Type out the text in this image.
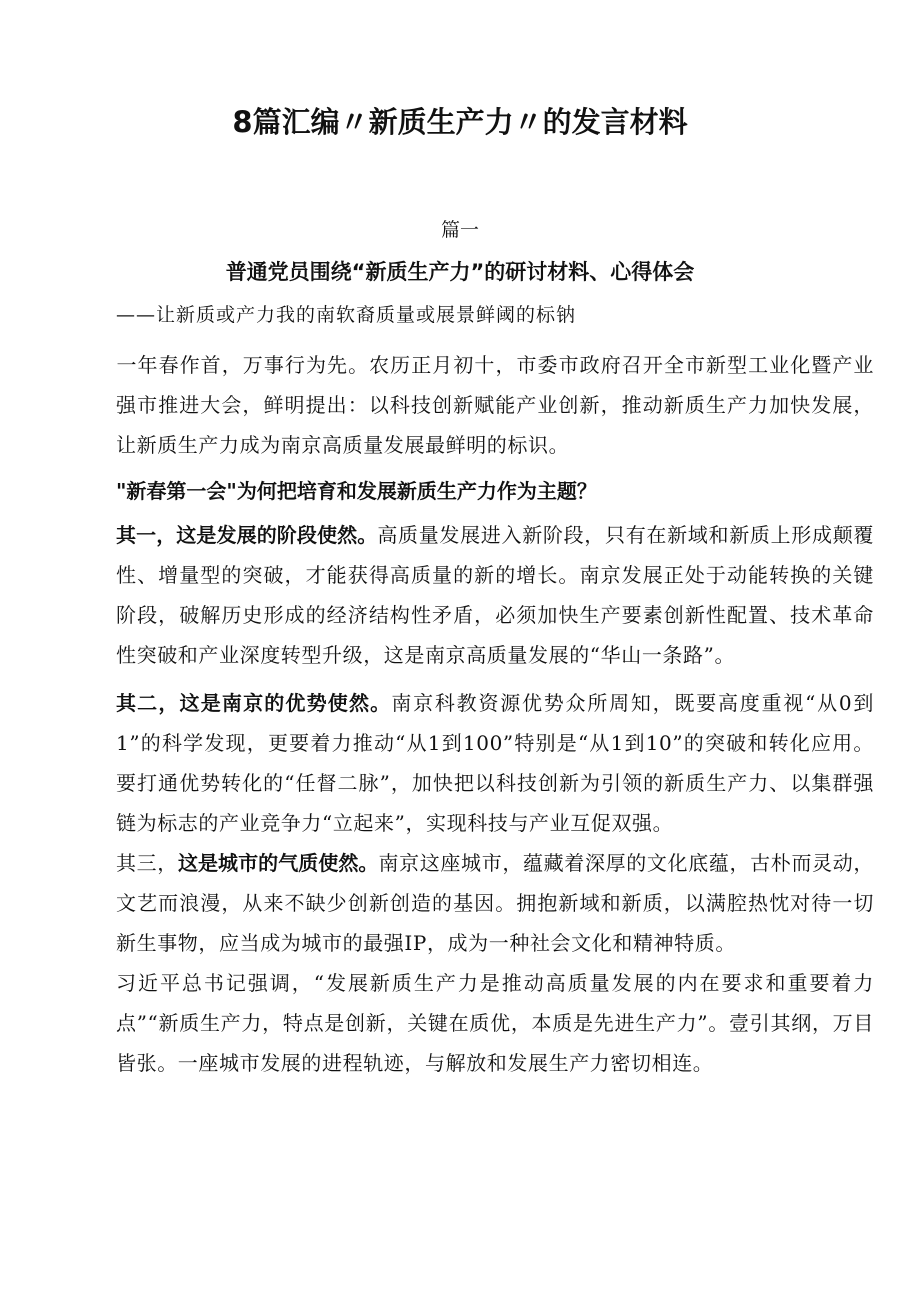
8篇汇编〃新质生产力〃的发言材料
篇一
普通党员围绕“新质生产力”的研讨材料、心得体会
——让新质或产力我的南软裔质量或展景鲜阈的标钠

一年春作首，万事行为先。农历正月初十，市委市政府召开全市新型工业化暨产业强市推进大会，鲜明提出：以科技创新赋能产业创新，推动新质生产力加快发展，让新质生产力成为南京高质量发展最鲜明的标识。

"新春第一会"为何把培育和发展新质生产力作为主题？

其一，这是发展的阶段使然。高质量发展进入新阶段，只有在新域和新质上形成颠覆性、增量型的突破，才能获得高质量的新的增长。南京发展正处于动能转换的关键阶段，破解历史形成的经济结构性矛盾，必须加快生产要素创新性配置、技术革命性突破和产业深度转型升级，这是南京高质量发展的“华山一条路”。

其二，这是南京的优势使然。南京科教资源优势众所周知，既要高度重视“从0到1”的科学发现，更要着力推动“从1到100”特别是“从1到10”的突破和转化应用。要打通优势转化的“任督二脉”，加快把以科技创新为引领的新质生产力、以集群强链为标志的产业竞争力“立起来”，实现科技与产业互促双强。

其三，这是城市的气质使然。南京这座城市，蕴藏着深厚的文化底蕴，古朴而灵动，文艺而浪漫，从来不缺少创新创造的基因。拥抱新域和新质，以满腔热忱对待一切新生事物，应当成为城市的最强IP，成为一种社会文化和精神特质。

习近平总书记强调，“发展新质生产力是推动高质量发展的内在要求和重要着力点”“新质生产力，特点是创新，关键在质优，本质是先进生产力”。壹引其纲，万目皆张。一座城市发展的进程轨迹，与解放和发展生产力密切相连。
